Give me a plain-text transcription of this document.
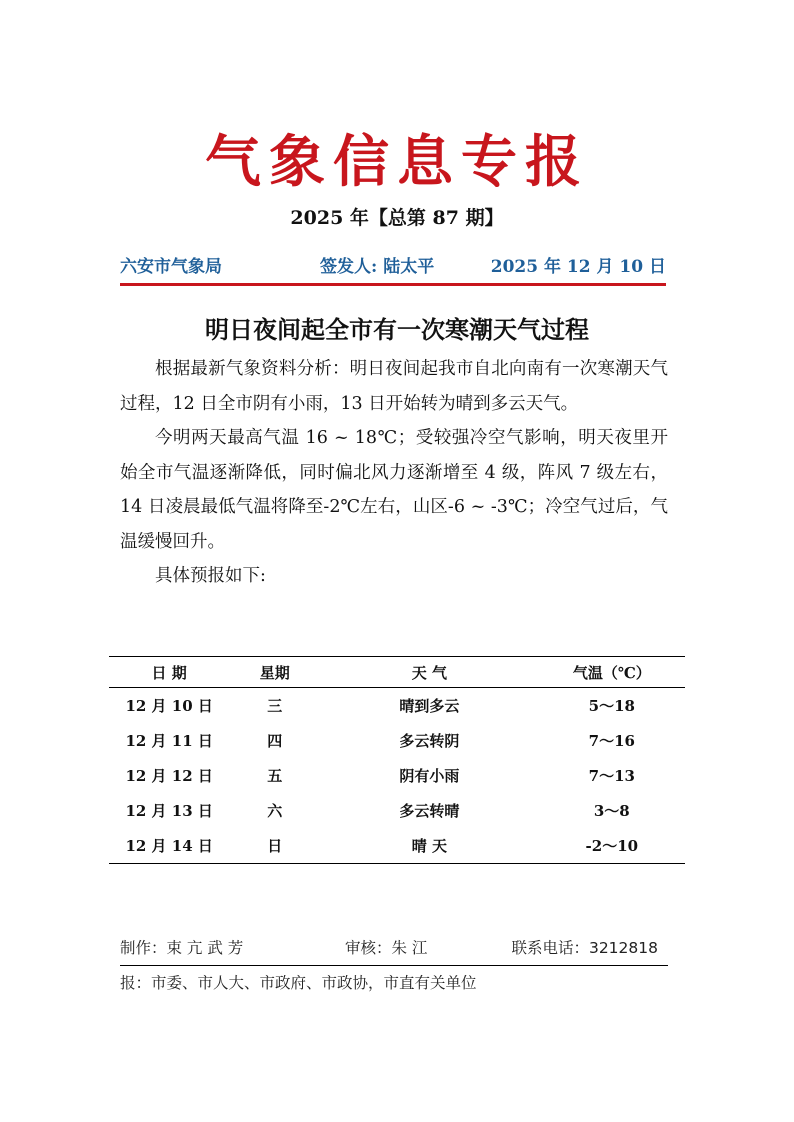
气象信息专报
2025 年【总第 87 期】
六安市气象局	签发人: 陆太平	2025 年 12 月 10 日
明日夜间起全市有一次寒潮天气过程

根据最新气象资料分析：明日夜间起我市自北向南有一次寒潮天气过程，12 日全市阴有小雨，13 日开始转为晴到多云天气。

今明两天最高气温 16 ~ 18℃；受较强冷空气影响，明天夜里开始全市气温逐渐降低，同时偏北风力逐渐增至 4 级，阵风 7 级左右，14 日凌晨最低气温将降至-2℃左右，山区-6 ~ -3℃；冷空气过后，气温缓慢回升。

具体预报如下:

日 期	星期	天 气	气温（℃）
12 月 10 日	三	晴到多云	5～18
12 月 11 日	四	多云转阴	7～16
12 月 12 日	五	阴有小雨	7～13
12 月 13 日	六	多云转晴	3～8
12 月 14 日	日	晴 天	-2～10
制作：束 亢 武 芳	审核：朱 江	联系电话：3212818
报：市委、市人大、市政府、市政协，市直有关单位
